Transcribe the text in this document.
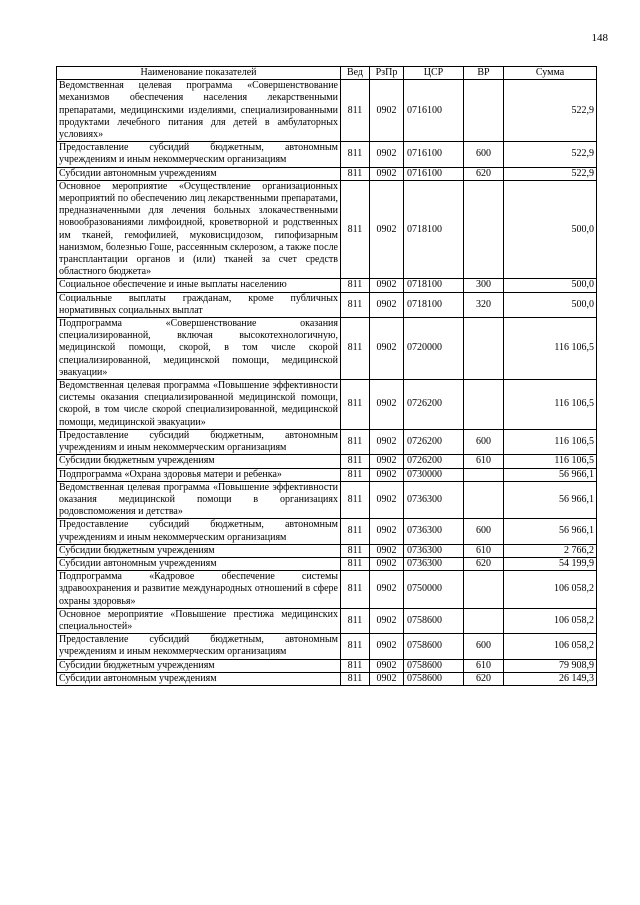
148
Наименование показателей	Вед	РзПр	ЦСР	ВР	Сумма
Ведомственная целевая программа «Совершенствование механизмов обеспечения населения лекарственными препаратами, медицинскими изделиями, специализированными продуктами лечебного питания для детей в амбулаторных условиях»	811	0902	0716100		522,9
Предоставление субсидий бюджетным, автономным учреждениям и иным некоммерческим организациям	811	0902	0716100	600	522,9
Субсидии автономным учреждениям	811	0902	0716100	620	522,9
Основное мероприятие «Осуществление организационных мероприятий по обеспечению лиц лекарственными препаратами, предназначенными для лечения больных злокачественными новообразованиями лимфоидной, кроветворной и родственных им тканей, гемофилией, муковисцидозом, гипофизарным нанизмом, болезнью Гоше, рассеянным склерозом, а также после трансплантации органов и (или) тканей за счет средств областного бюджета»	811	0902	0718100		500,0
Социальное обеспечение и иные выплаты населению	811	0902	0718100	300	500,0
Социальные выплаты гражданам, кроме публичных нормативных социальных выплат	811	0902	0718100	320	500,0
Подпрограмма «Совершенствование оказания специализированной, включая высокотехнологичную, медицинской помощи, скорой, в том числе скорой специализированной, медицинской помощи, медицинской эвакуации»	811	0902	0720000		116 106,5
Ведомственная целевая программа «Повышение эффективности системы оказания специализированной медицинской помощи, скорой, в том числе скорой специализированной, медицинской помощи, медицинской эвакуации»	811	0902	0726200		116 106,5
Предоставление субсидий бюджетным, автономным учреждениям и иным некоммерческим организациям	811	0902	0726200	600	116 106,5
Субсидии бюджетным учреждениям	811	0902	0726200	610	116 106,5
Подпрограмма «Охрана здоровья матери и ребенка»	811	0902	0730000		56 966,1
Ведомственная целевая программа «Повышение эффективности оказания медицинской помощи в организациях родовспоможения и детства»	811	0902	0736300		56 966,1
Предоставление субсидий бюджетным, автономным учреждениям и иным некоммерческим организациям	811	0902	0736300	600	56 966,1
Субсидии бюджетным учреждениям	811	0902	0736300	610	2 766,2
Субсидии автономным учреждениям	811	0902	0736300	620	54 199,9
Подпрограмма «Кадровое обеспечение системы здравоохранения и развитие международных отношений в сфере охраны здоровья»	811	0902	0750000		106 058,2
Основное мероприятие «Повышение престижа медицинских специальностей»	811	0902	0758600		106 058,2
Предоставление субсидий бюджетным, автономным учреждениям и иным некоммерческим организациям	811	0902	0758600	600	106 058,2
Субсидии бюджетным учреждениям	811	0902	0758600	610	79 908,9
Субсидии автономным учреждениям	811	0902	0758600	620	26 149,3
